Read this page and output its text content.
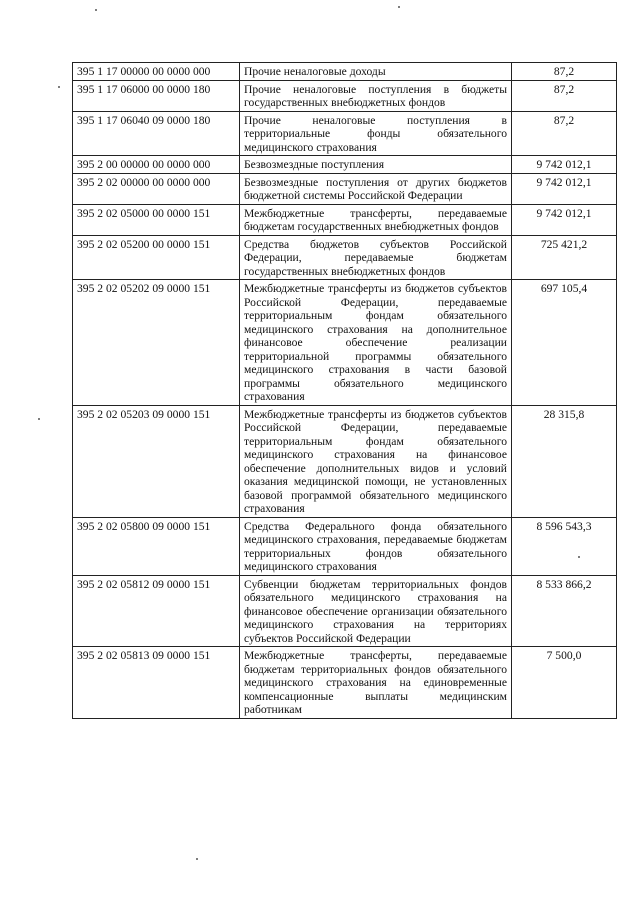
395 1 17 00000 00 0000 000	Прочие неналоговые доходы	87,2
395 1 17 06000 00 0000 180	Прочие неналоговые поступления в бюджеты государственных внебюджетных фондов	87,2
395 1 17 06040 09 0000 180	Прочие неналоговые поступления в территориальные фонды обязательного медицинского страхования	87,2
395 2 00 00000 00 0000 000	Безвозмездные поступления	9 742 012,1
395 2 02 00000 00 0000 000	Безвозмездные поступления от других бюджетов бюджетной системы Российской Федерации	9 742 012,1
395 2 02 05000 00 0000 151	Межбюджетные трансферты, передаваемые бюджетам государственных внебюджетных фондов	9 742 012,1
395 2 02 05200 00 0000 151	Средства бюджетов субъектов Российской Федерации, передаваемые бюджетам государственных внебюджетных фондов	725 421,2
395 2 02 05202 09 0000 151	Межбюджетные трансферты из бюджетов субъектов Российской Федерации, передаваемые территориальным фондам обязательного медицинского страхования на дополнительное финансовое обеспечение реализации территориальной программы обязательного медицинского страхования в части базовой программы обязательного медицинского страхования	697 105,4
395 2 02 05203 09 0000 151	Межбюджетные трансферты из бюджетов субъектов Российской Федерации, передаваемые территориальным фондам обязательного медицинского страхования на финансовое обеспечение дополнительных видов и условий оказания медицинской помощи, не установленных базовой программой обязательного медицинского страхования	28 315,8
395 2 02 05800 09 0000 151	Средства Федерального фонда обязательного медицинского страхования, передаваемые бюджетам территориальных фондов обязательного медицинского страхования	8 596 543,3
395 2 02 05812 09 0000 151	Субвенции бюджетам территориальных фондов обязательного медицинского страхования на финансовое обеспечение организации обязательного медицинского страхования на территориях субъектов Российской Федерации	8 533 866,2
395 2 02 05813 09 0000 151	Межбюджетные трансферты, передаваемые бюджетам территориальных фондов обязательного медицинского страхования на единовременные компенсационные выплаты медицинским работникам	7 500,0
